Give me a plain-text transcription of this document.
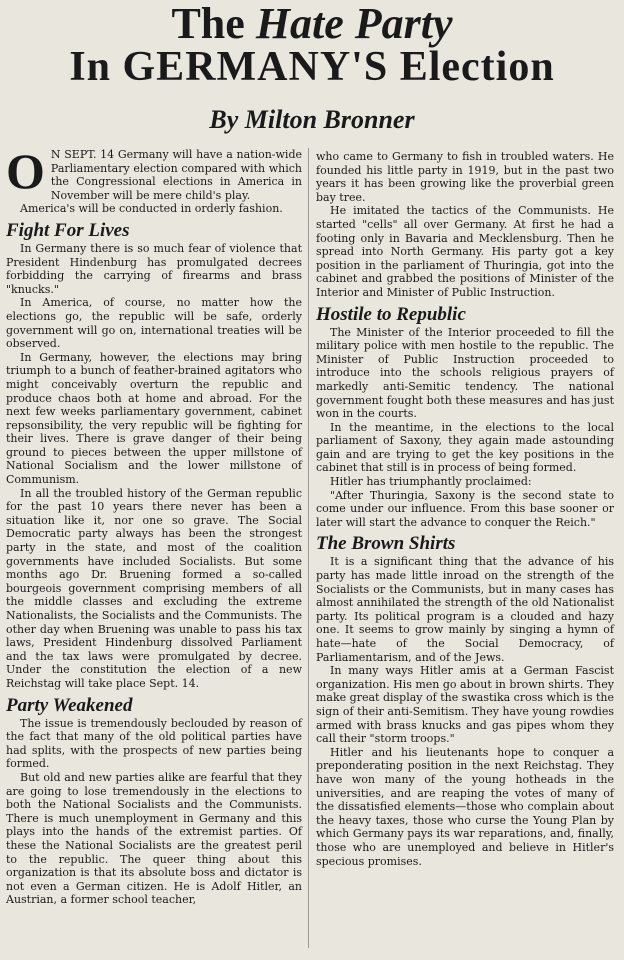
The Hate Party
In GERMANY'S Election
By Milton Bronner

O N SEPT. 14 Germany will have a nation-wide Parliamentary election compared with which the Congressional elections in America in November will be mere child's play.

America's will be conducted in orderly fashion.

Fight For Lives

In Germany there is so much fear of violence that President Hindenburg has promulgated decrees forbidding the carrying of firearms and brass "knucks."

In America, of course, no matter how the elections go, the republic will be safe, orderly government will go on, international treaties will be observed.

In Germany, however, the elections may bring triumph to a bunch of feather-brained agitators who might conceivably overturn the republic and produce chaos both at home and abroad. For the next few weeks parliamentary government, cabinet repsonsibility, the very republic will be fighting for their lives. There is grave danger of their being ground to pieces between the upper millstone of National Socialism and the lower millstone of Communism.

In all the troubled history of the German republic for the past 10 years there never has been a situation like it, nor one so grave. The Social Democratic party always has been the strongest party in the state, and most of the coalition governments have included Socialists. But some months ago Dr. Bruening formed a so-called bourgeois government comprising members of all the middle classes and excluding the extreme Nationalists, the Socialists and the Communists. The other day when Bruening was unable to pass his tax laws, President Hindenburg dissolved Parliament and the tax laws were promulgated by decree. Under the constitution the election of a new Reichstag will take place Sept. 14.

Party Weakened

The issue is tremendously beclouded by reason of the fact that many of the old political parties have had splits, with the prospects of new parties being formed.

But old and new parties alike are fearful that they are going to lose tremendously in the elections to both the National Socialists and the Communists. There is much unemployment in Germany and this plays into the hands of the extremist parties. Of these the National Socialists are the greatest peril to the republic. The queer thing about this organization is that its absolute boss and dictator is not even a German citizen. He is Adolf Hitler, an Austrian, a former school teacher,

who came to Germany to fish in troubled waters. He founded his little party in 1919, but in the past two years it has been growing like the proverbial green bay tree.

He imitated the tactics of the Communists. He started "cells" all over Germany. At first he had a footing only in Bavaria and Mecklensburg. Then he spread into North Germany. His party got a key position in the parliament of Thuringia, got into the cabinet and grabbed the positions of Minister of the Interior and Minister of Public Instruction.

Hostile to Republic

The Minister of the Interior proceeded to fill the military police with men hostile to the republic. The Minister of Public Instruction proceeded to introduce into the schools religious prayers of markedly anti-Semitic tendency. The national government fought both these measures and has just won in the courts.

In the meantime, in the elections to the local parliament of Saxony, they again made astounding gain and are trying to get the key positions in the cabinet that still is in process of being formed.

Hitler has triumphantly proclaimed:

"After Thuringia, Saxony is the second state to come under our influence. From this base sooner or later will start the advance to conquer the Reich."

The Brown Shirts

It is a significant thing that the advance of his party has made little inroad on the strength of the Socialists or the Communists, but in many cases has almost annihilated the strength of the old Nationalist party. Its political program is a clouded and hazy one. It seems to grow mainly by singing a hymn of hate—hate of the Social Democracy, of Parliamentarism, and of the Jews.

In many ways Hitler amis at a German Fascist organization. His men go about in brown shirts. They make great display of the swastika cross which is the sign of their anti-Semitism. They have young rowdies armed with brass knucks and gas pipes whom they call their "storm troops."

Hitler and his lieutenants hope to conquer a preponderating position in the next Reichstag. They have won many of the young hotheads in the universities, and are reaping the votes of many of the dissatisfied elements—those who complain about the heavy taxes, those who curse the Young Plan by which Germany pays its war reparations, and, finally, those who are unemployed and believe in Hitler's specious promises.
